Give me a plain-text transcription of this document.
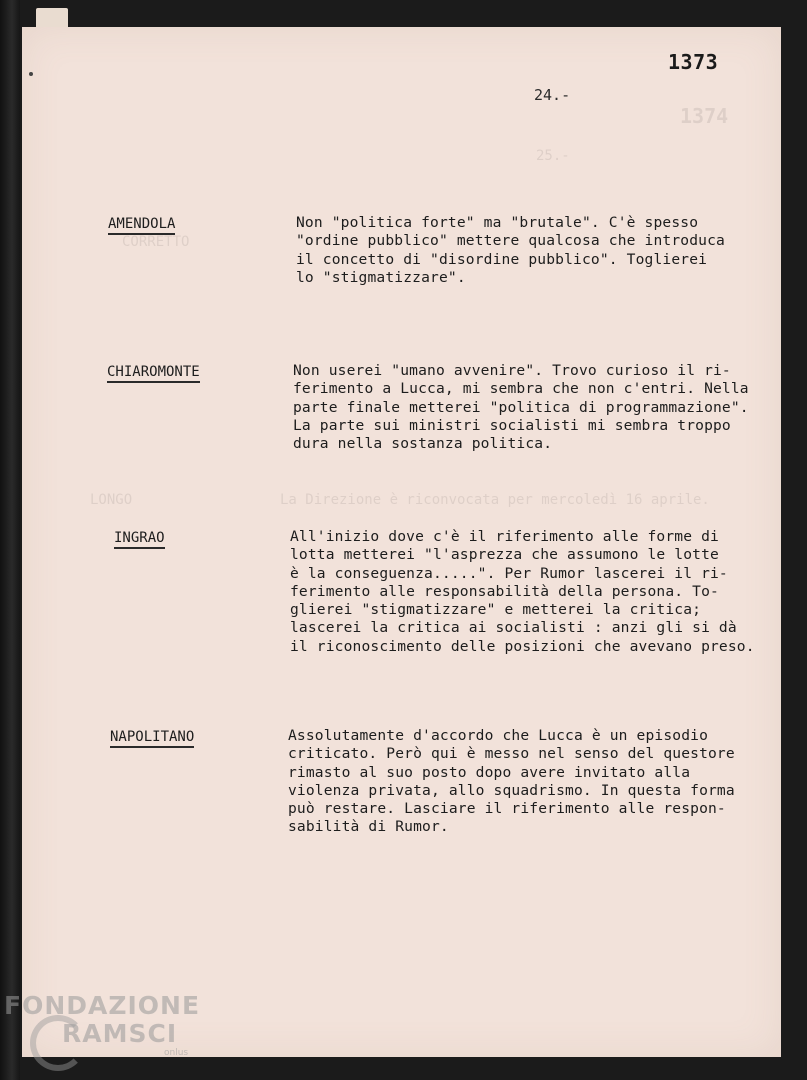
1374
25.-
CORRETTO
LONGO	La Direzione è riconvocata per mercoledì 16 aprile.
1373
24.-
AMENDOLA	Non "politica forte" ma "brutale". C'è spesso
"ordine pubblico" mettere qualcosa che introduca
il concetto di "disordine pubblico". Toglierei
lo "stigmatizzare".
CHIAROMONTE	Non userei "umano avvenire". Trovo curioso il ri-
ferimento a Lucca, mi sembra che non c'entri. Nella
parte finale metterei "politica di programmazione".
La parte sui ministri socialisti mi sembra troppo
dura nella sostanza politica.
INGRAO	All'inizio dove c'è il riferimento alle forme di
lotta metterei "l'asprezza che assumono le lotte
è la conseguenza.....". Per Rumor lascerei il ri-
ferimento alle responsabilità della persona. To-
glierei "stigmatizzare" e metterei la critica;
lascerei la critica ai socialisti : anzi gli si dà
il riconoscimento delle posizioni che avevano preso.
NAPOLITANO	Assolutamente d'accordo che Lucca è un episodio
criticato. Però qui è messo nel senso del questore
rimasto al suo posto dopo avere invitato alla
violenza privata, allo squadrismo. In questa forma
può restare. Lasciare il riferimento alle respon-
sabilità di Rumor.
FONDAZIONE
RAMSCI
onlus
